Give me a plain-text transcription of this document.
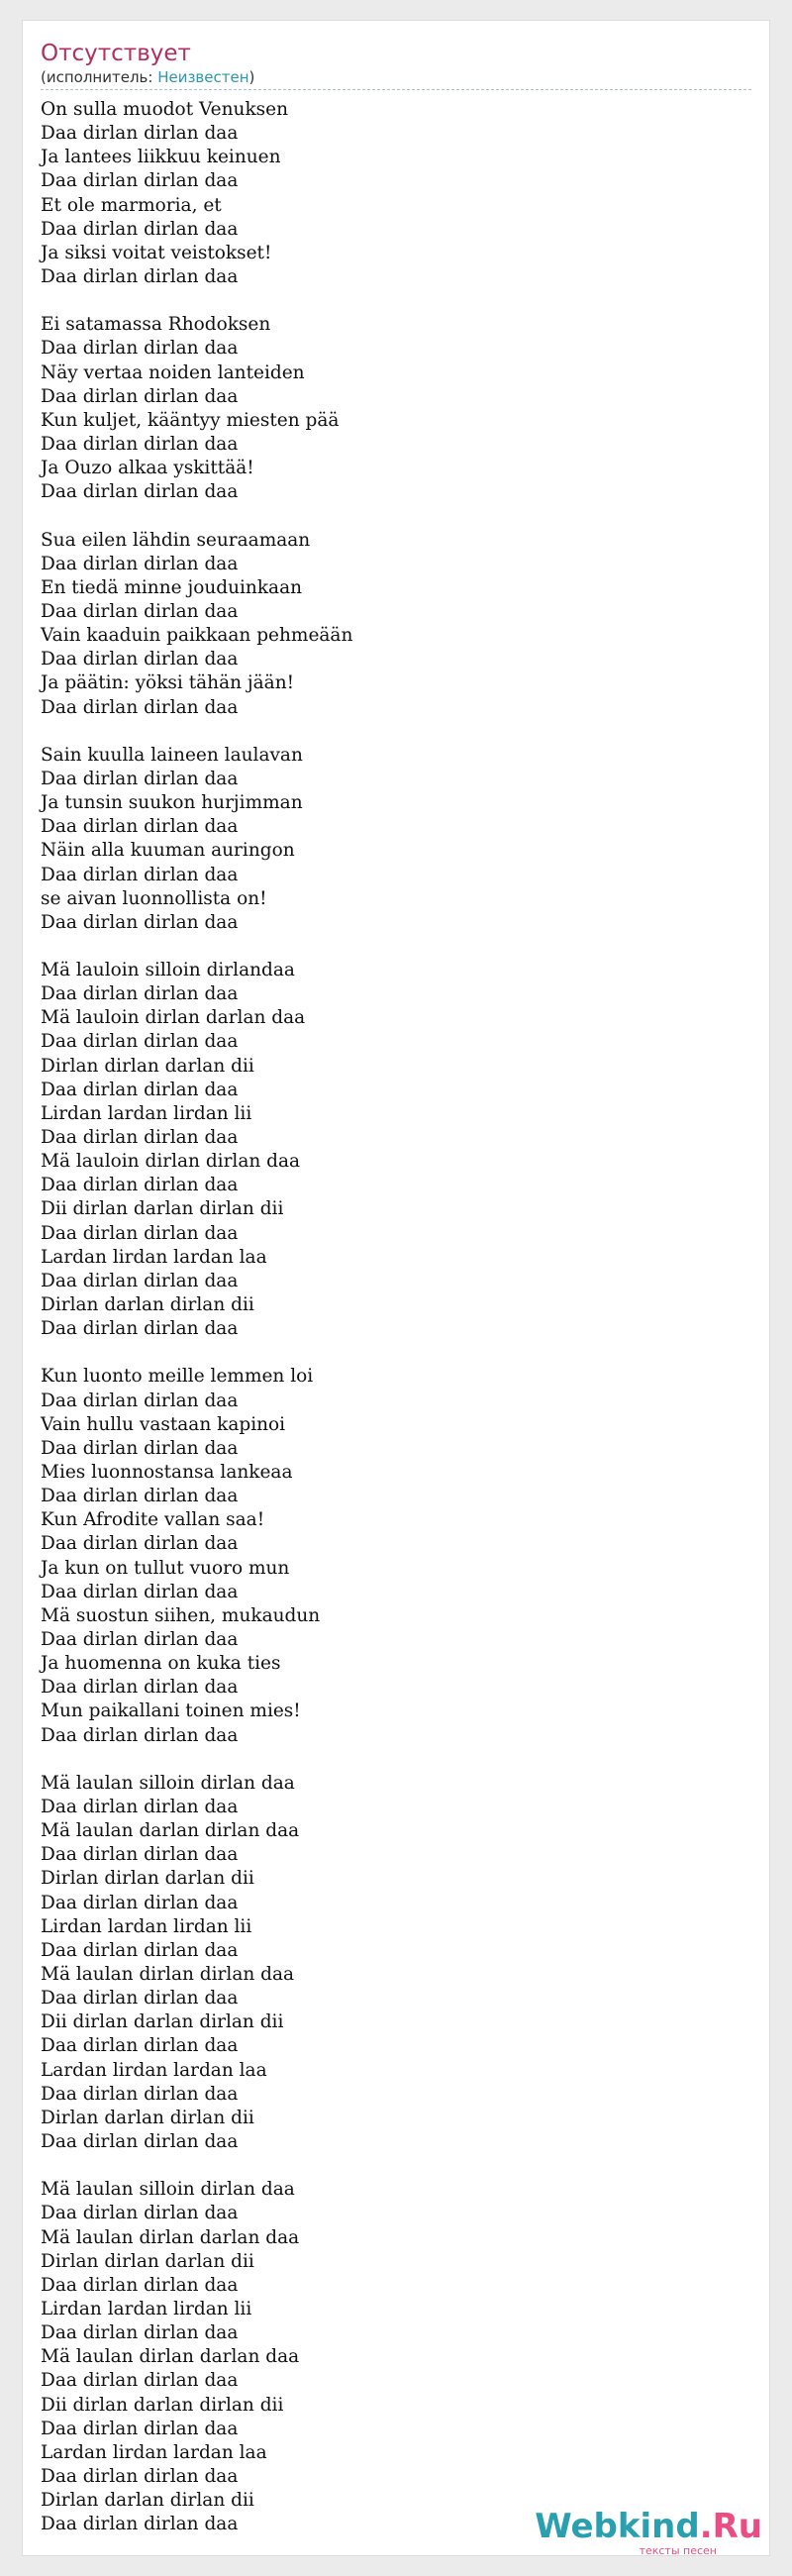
Отсутствует
(исполнитель: Неизвестен)
On sulla muodot Venuksen
Daa dirlan dirlan daa
Ja lantees liikkuu keinuen
Daa dirlan dirlan daa
Et ole marmoria, et
Daa dirlan dirlan daa
Ja siksi voitat veistokset!
Daa dirlan dirlan daa

Ei satamassa Rhodoksen
Daa dirlan dirlan daa
Näy vertaa noiden lanteiden
Daa dirlan dirlan daa
Kun kuljet, kääntyy miesten pää
Daa dirlan dirlan daa
Ja Ouzo alkaa yskittää!
Daa dirlan dirlan daa

Sua eilen lähdin seuraamaan
Daa dirlan dirlan daa
En tiedä minne jouduinkaan
Daa dirlan dirlan daa
Vain kaaduin paikkaan pehmeään
Daa dirlan dirlan daa
Ja päätin: yöksi tähän jään!
Daa dirlan dirlan daa

Sain kuulla laineen laulavan
Daa dirlan dirlan daa
Ja tunsin suukon hurjimman
Daa dirlan dirlan daa
Näin alla kuuman auringon
Daa dirlan dirlan daa
se aivan luonnollista on!
Daa dirlan dirlan daa

Mä lauloin silloin dirlandaa
Daa dirlan dirlan daa
Mä lauloin dirlan darlan daa
Daa dirlan dirlan daa
Dirlan dirlan darlan dii
Daa dirlan dirlan daa
Lirdan lardan lirdan lii
Daa dirlan dirlan daa
Mä lauloin dirlan dirlan daa
Daa dirlan dirlan daa
Dii dirlan darlan dirlan dii
Daa dirlan dirlan daa
Lardan lirdan lardan laa
Daa dirlan dirlan daa
Dirlan darlan dirlan dii
Daa dirlan dirlan daa

Kun luonto meille lemmen loi
Daa dirlan dirlan daa
Vain hullu vastaan kapinoi
Daa dirlan dirlan daa
Mies luonnostansa lankeaa
Daa dirlan dirlan daa
Kun Afrodite vallan saa!
Daa dirlan dirlan daa
Ja kun on tullut vuoro mun
Daa dirlan dirlan daa
Mä suostun siihen, mukaudun
Daa dirlan dirlan daa
Ja huomenna on kuka ties
Daa dirlan dirlan daa
Mun paikallani toinen mies!
Daa dirlan dirlan daa

Mä laulan silloin dirlan daa
Daa dirlan dirlan daa
Mä laulan darlan dirlan daa
Daa dirlan dirlan daa
Dirlan dirlan darlan dii
Daa dirlan dirlan daa
Lirdan lardan lirdan lii
Daa dirlan dirlan daa
Mä laulan dirlan dirlan daa
Daa dirlan dirlan daa
Dii dirlan darlan dirlan dii
Daa dirlan dirlan daa
Lardan lirdan lardan laa
Daa dirlan dirlan daa
Dirlan darlan dirlan dii
Daa dirlan dirlan daa

Mä laulan silloin dirlan daa
Daa dirlan dirlan daa
Mä laulan dirlan darlan daa
Dirlan dirlan darlan dii
Daa dirlan dirlan daa
Lirdan lardan lirdan lii
Daa dirlan dirlan daa
Mä laulan dirlan darlan daa
Daa dirlan dirlan daa
Dii dirlan darlan dirlan dii
Daa dirlan dirlan daa
Lardan lirdan lardan laa
Daa dirlan dirlan daa
Dirlan darlan dirlan dii
Daa dirlan dirlan daa	Webkind.Ru
тексты песен
